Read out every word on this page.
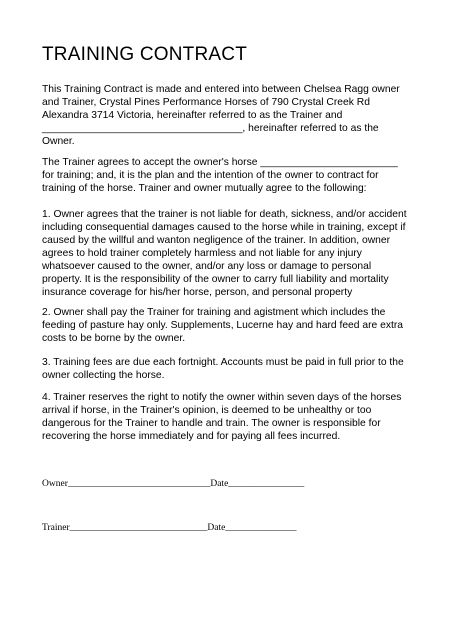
TRAINING CONTRACT
This Training Contract is made and entered into between Chelsea Ragg owner
and Trainer, Crystal Pines Performance Horses of 790 Crystal Creek Rd
Alexandra 3714 Victoria, hereinafter referred to as the Trainer and
___________________________________, hereinafter referred to as the
Owner.
The Trainer agrees to accept the owner's horse ________________________
for training; and, it is the plan and the intention of the owner to contract for
training of the horse. Trainer and owner mutually agree to the following:
1. Owner agrees that the trainer is not liable for death, sickness, and/or accident
including consequential damages caused to the horse while in training, except if
caused by the willful and wanton negligence of the trainer. In addition, owner
agrees to hold trainer completely harmless and not liable for any injury
whatsoever caused to the owner, and/or any loss or damage to personal
property. It is the responsibility of the owner to carry full liability and mortality
insurance coverage for his/her horse, person, and personal property
2. Owner shall pay the Trainer for training and agistment which includes the
feeding of pasture hay only. Supplements, Lucerne hay and hard feed are extra
costs to be borne by the owner.
3. Training fees are due each fortnight. Accounts must be paid in full prior to the
owner collecting the horse.
4. Trainer reserves the right to notify the owner within seven days of the horses
arrival if horse, in the Trainer's opinion, is deemed to be unhealthy or too
dangerous for the Trainer to handle and train. The owner is responsible for
recovering the horse immediately and for paying all fees incurred.
Owner______________________________Date________________
Trainer_____________________________Date_______________
